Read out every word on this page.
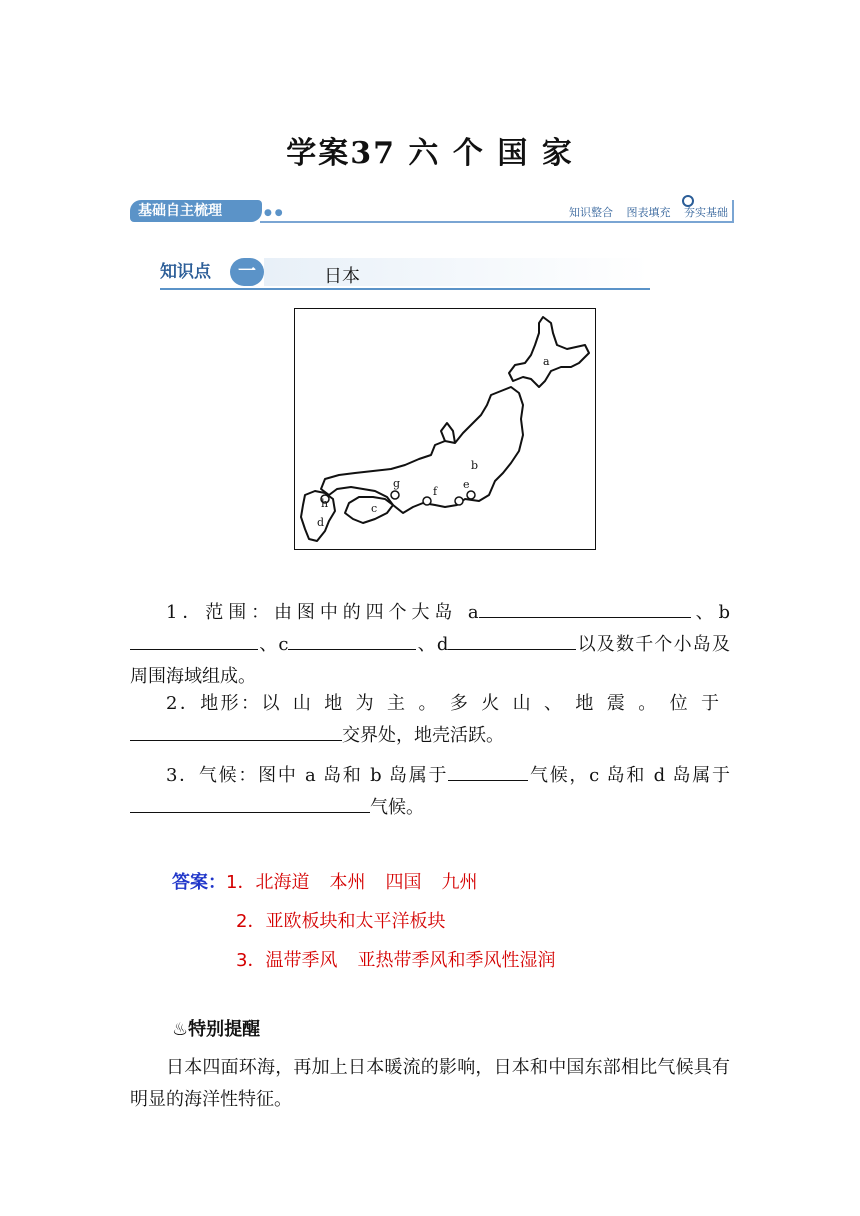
学案37 六 个 国 家
基础自主梳理	● ●	知识整合 图表填充 夯实基础
知识点	一	日本
a
b
c
d
e
f
g
h
1．范围：由图中的四个大岛 a	、b、c	、d	以及数千个小岛及周围海域组成。
2．地形：以山地为主。多火山、地震。位于交界处，地壳活跃。
3．气候：图中 a 岛和 b 岛属于	气候，c 岛和 d 岛属于气候。
答案：1．北海道 本州 四国 九州
2．亚欧板块和太平洋板块
3．温带季风 亚热带季风和季风性湿润
♨特别提醒
日本四面环海，再加上日本暖流的影响，日本和中国东部相比气候具有明显的海洋性特征。
